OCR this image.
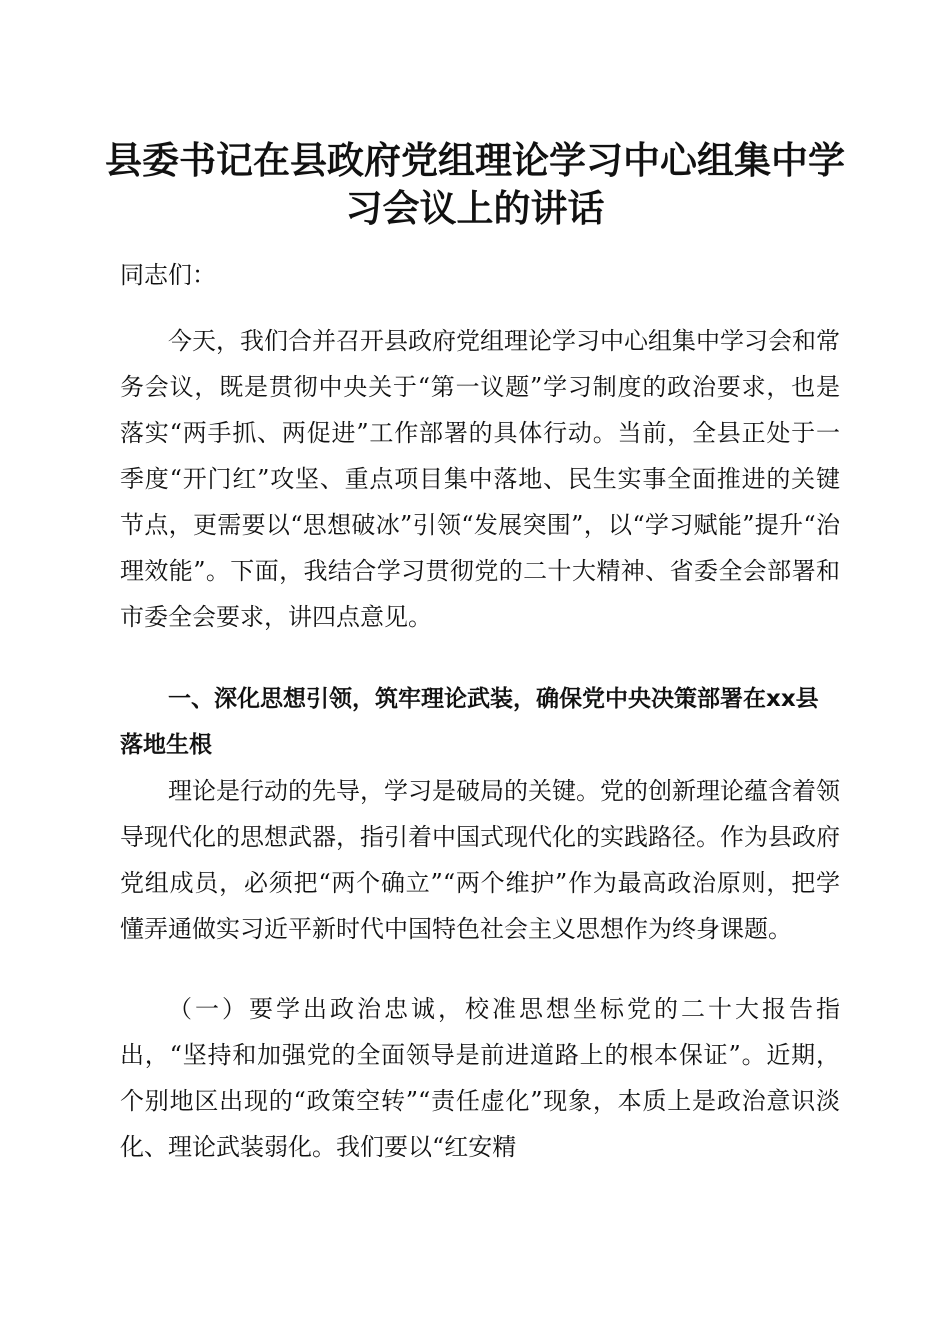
县委书记在县政府党组理论学习中心组集中学
习会议上的讲话

同志们：

今天，我们合并召开县政府党组理论学习中心组集中学习会和常务会议，既是贯彻中央关于“第一议题”学习制度的政治要求，也是落实“两手抓、两促进”工作部署的具体行动。当前，全县正处于一季度“开门红”攻坚、重点项目集中落地、民生实事全面推进的关键节点，更需要以“思想破冰”引领“发展突围”，以“学习赋能”提升“治理效能”。下面，我结合学习贯彻党的二十大精神、省委全会部署和市委全会要求，讲四点意见。

一、深化思想引领，筑牢理论武装，确保党中央决策部署在xx县落地生根

理论是行动的先导，学习是破局的关键。党的创新理论蕴含着领导现代化的思想武器，指引着中国式现代化的实践路径。作为县政府党组成员，必须把“两个确立”“两个维护”作为最高政治原则，把学懂弄通做实习近平新时代中国特色社会主义思想作为终身课题。

（一）要学出政治忠诚，校准思想坐标党的二十大报告指出，“坚持和加强党的全面领导是前进道路上的根本保证”。近期，个别地区出现的“政策空转”“责任虚化”现象，本质上是政治意识淡化、理论武装弱化。我们要以“红安精
